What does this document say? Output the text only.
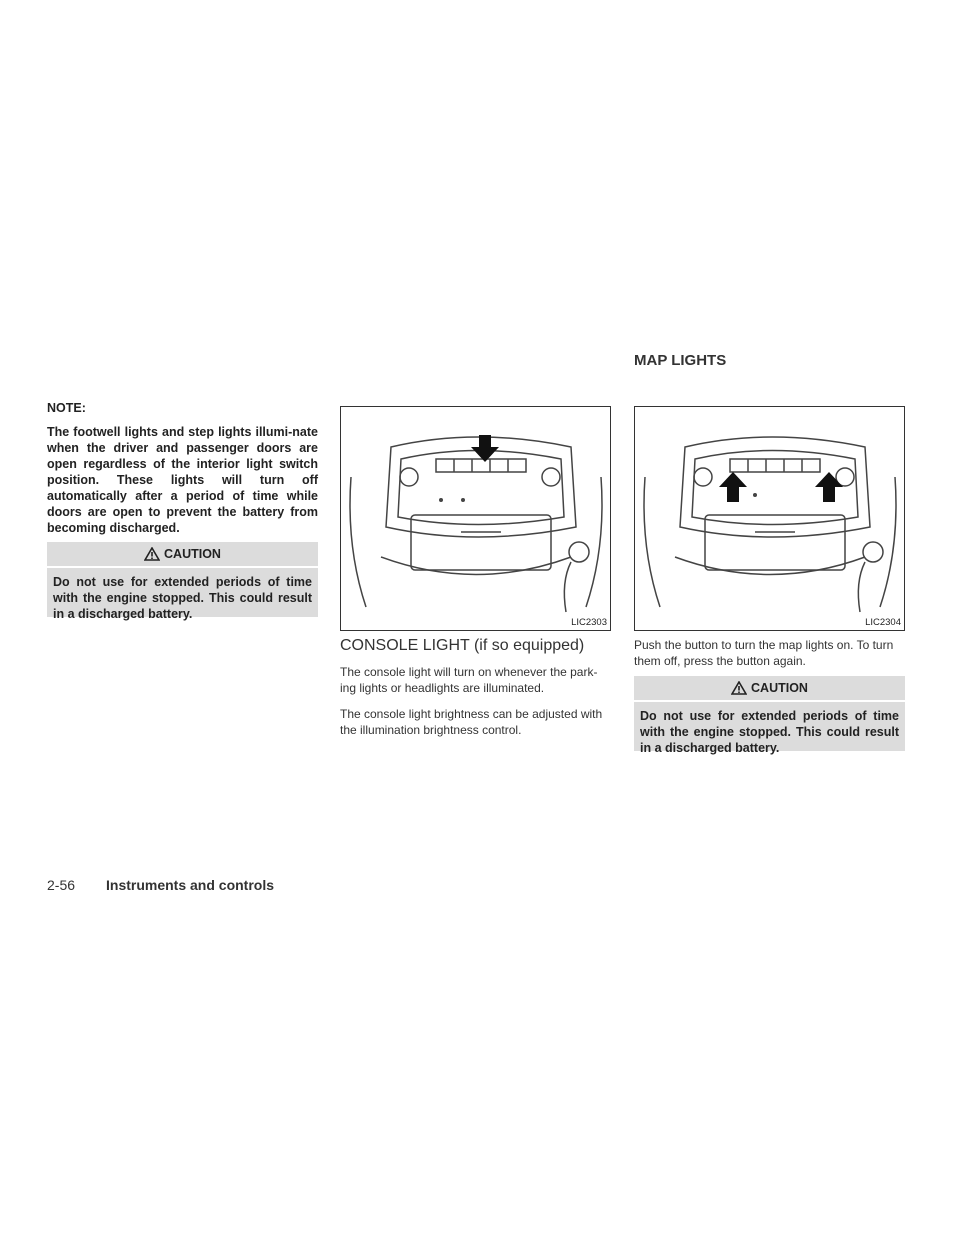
MAP LIGHTS
NOTE:
The footwell lights and step lights illumi-nate when the driver and passenger doors are open regardless of the interior light switch position. These lights will turn off automatically after a period of time while doors are open to prevent the battery from becoming discharged.
CAUTION
Do not use for extended periods of time with the engine stopped. This could result in a discharged battery.
LIC2303	LIC2304
CONSOLE LIGHT (if so equipped)
The console light will turn on whenever the park-ing lights or headlights are illuminated.
The console light brightness can be adjusted with the illumination brightness control.
Push the button to turn the map lights on. To turn them off, press the button again.
CAUTION
Do not use for extended periods of time with the engine stopped. This could result in a discharged battery.
2-56 Instruments and controls
